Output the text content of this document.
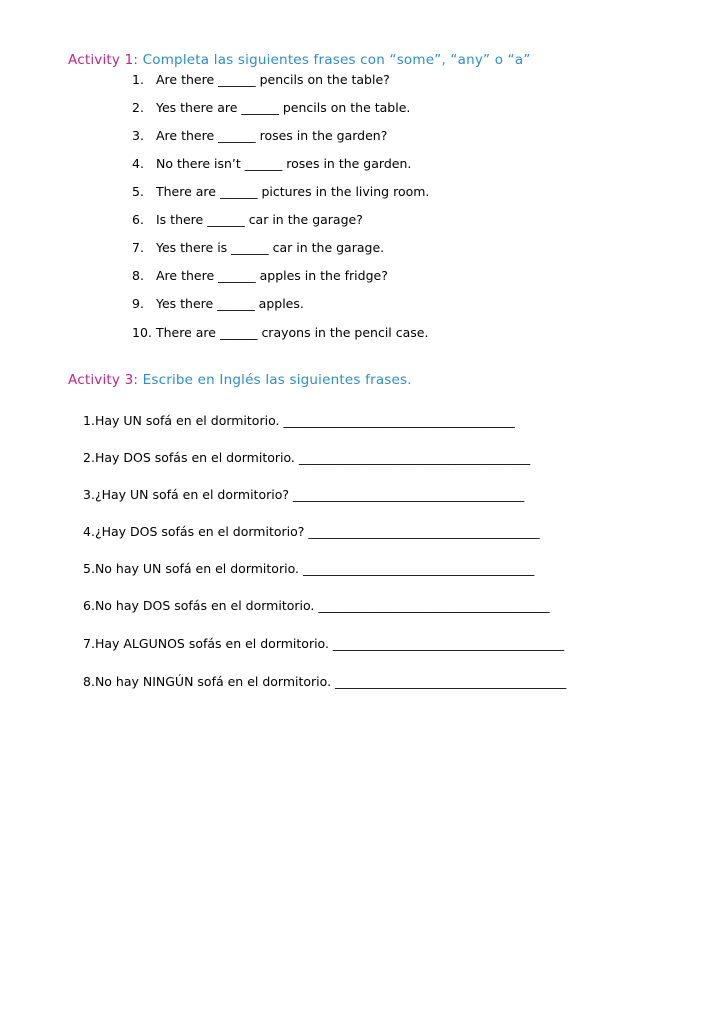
Activity 1: Completa las siguientes frases con “some”, “any” o “a”
1. Are there ______ pencils on the table?
2. Yes there are ______ pencils on the table.
3. Are there ______ roses in the garden?
4. No there isn’t ______ roses in the garden.
5. There are ______ pictures in the living room.
6. Is there ______ car in the garage?
7. Yes there is ______ car in the garage.
8. Are there ______ apples in the fridge?
9. Yes there ______ apples.
10. There are ______ crayons in the pencil case.
Activity 3: Escribe en Inglés las siguientes frases.
1.Hay UN sofá en el dormitorio. _____________________________________
2.Hay DOS sofás en el dormitorio. _____________________________________
3.¿Hay UN sofá en el dormitorio? _____________________________________
4.¿Hay DOS sofás en el dormitorio? _____________________________________
5.No hay UN sofá en el dormitorio. _____________________________________
6.No hay DOS sofás en el dormitorio. _____________________________________
7.Hay ALGUNOS sofás en el dormitorio. _____________________________________
8.No hay NINGÚN sofá en el dormitorio. _____________________________________
